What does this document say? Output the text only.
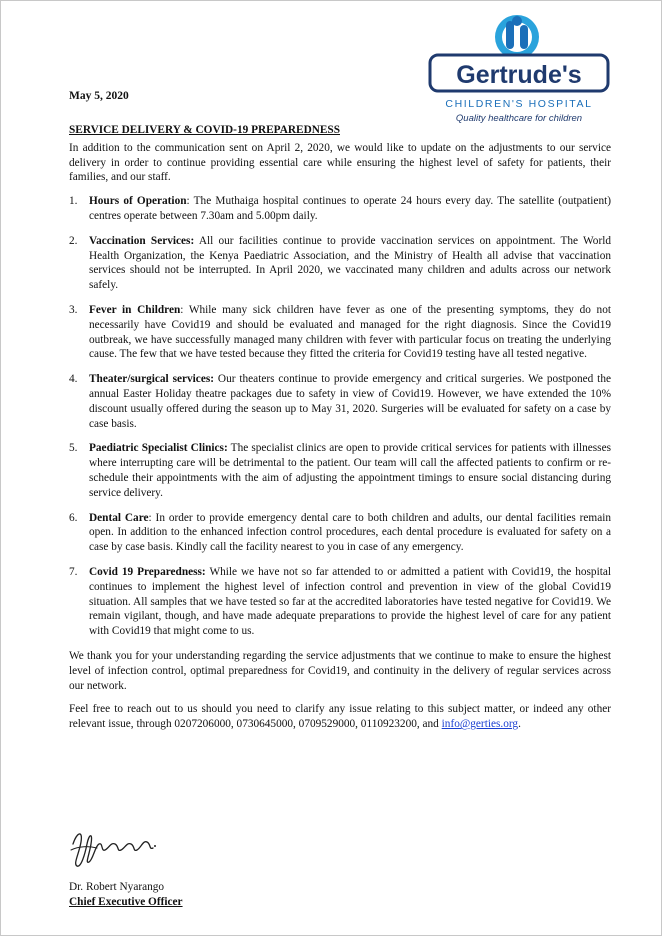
Gertrude's
CHILDREN'S HOSPITAL
Quality healthcare for children
May 5, 2020
SERVICE DELIVERY & COVID-19 PREPAREDNESS

In addition to the communication sent on April 2, 2020, we would like to update on the adjustments to our service delivery in order to continue providing essential care while ensuring the highest level of safety for patients, their families, and our staff.

1.	Hours of Operation: The Muthaiga hospital continues to operate 24 hours every day. The satellite (outpatient) centres operate between 7.30am and 5.00pm daily.
2.	Vaccination Services: All our facilities continue to provide vaccination services on appointment. The World Health Organization, the Kenya Paediatric Association, and the Ministry of Health all advise that vaccination services should not be interrupted. In April 2020, we vaccinated many children and adults across our network safely.
3.	Fever in Children: While many sick children have fever as one of the presenting symptoms, they do not necessarily have Covid19 and should be evaluated and managed for the right diagnosis. Since the Covid19 outbreak, we have successfully managed many children with fever with particular focus on treating the underlying cause. The few that we have tested because they fitted the criteria for Covid19 testing have all tested negative.
4.	Theater/surgical services: Our theaters continue to provide emergency and critical surgeries. We postponed the annual Easter Holiday theatre packages due to safety in view of Covid19. However, we have extended the 10% discount usually offered during the season up to May 31, 2020. Surgeries will be evaluated for safety on a case by case basis.
5.	Paediatric Specialist Clinics: The specialist clinics are open to provide critical services for patients with illnesses where interrupting care will be detrimental to the patient. Our team will call the affected patients to confirm or re-schedule their appointments with the aim of adjusting the appointment timings to ensure social distancing during service delivery.
6.	Dental Care: In order to provide emergency dental care to both children and adults, our dental facilities remain open. In addition to the enhanced infection control procedures, each dental procedure is evaluated for safety on a case by case basis. Kindly call the facility nearest to you in case of any emergency.
7.	Covid 19 Preparedness: While we have not so far attended to or admitted a patient with Covid19, the hospital continues to implement the highest level of infection control and prevention in view of the global Covid19 situation. All samples that we have tested so far at the accredited laboratories have tested negative for Covid19. We remain vigilant, though, and have made adequate preparations to provide the highest level of care for any patient with Covid19 that might come to us.

We thank you for your understanding regarding the service adjustments that we continue to make to ensure the highest level of infection control, optimal preparedness for Covid19, and continuity in the delivery of regular services across our network.

Feel free to reach out to us should you need to clarify any issue relating to this subject matter, or indeed any other relevant issue, through 0207206000, 0730645000, 0709529000, 0110923200, and info@gerties.org.

Dr. Robert Nyarango
Chief Executive Officer
